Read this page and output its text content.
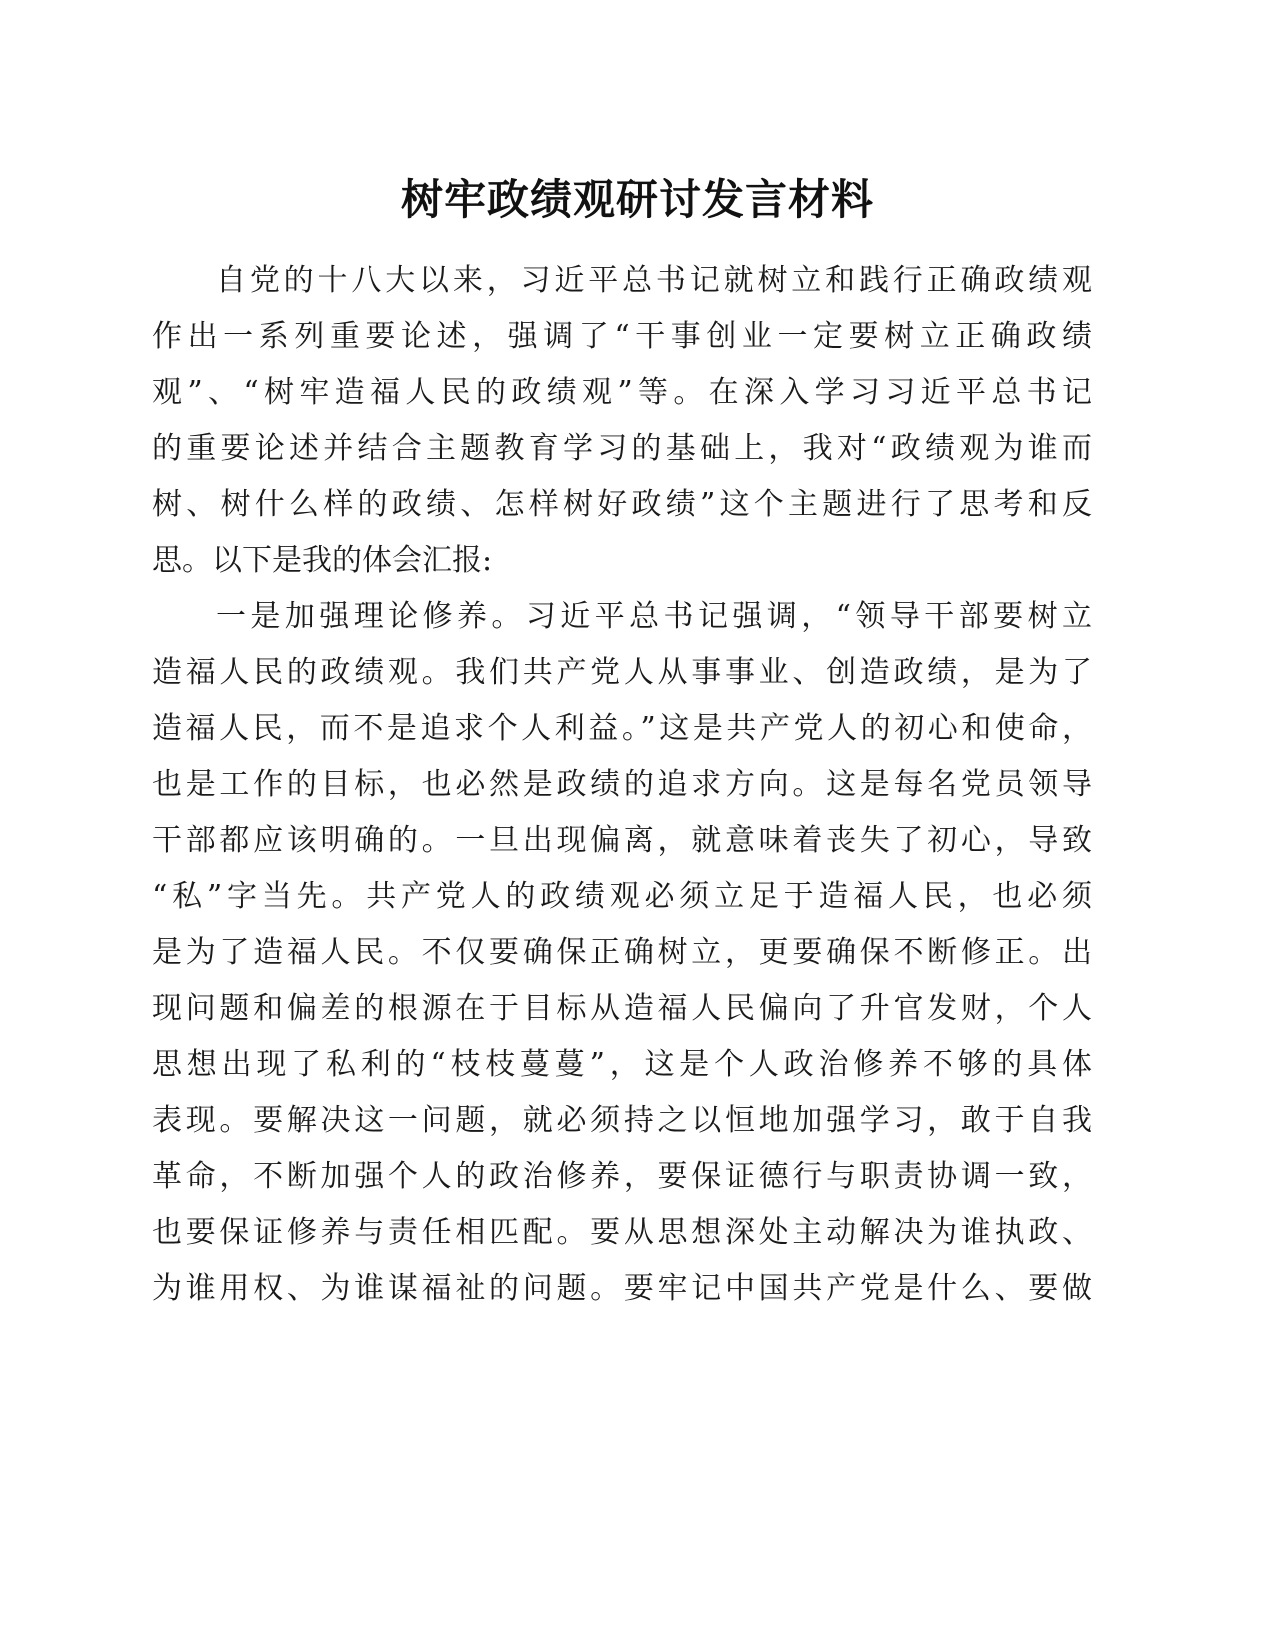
树牢政绩观研讨发言材料
自党的十八大以来，习近平总书记就树立和践行正确政绩观
作出一系列重要论述，强调了“干事创业一定要树立正确政绩
观”、“树牢造福人民的政绩观”等。在深入学习习近平总书记
的重要论述并结合主题教育学习的基础上，我对“政绩观为谁而
树、树什么样的政绩、怎样树好政绩”这个主题进行了思考和反
思。以下是我的体会汇报:
一是加强理论修养。习近平总书记强调，“领导干部要树立
造福人民的政绩观。我们共产党人从事事业、创造政绩，是为了
造福人民，而不是追求个人利益。”这是共产党人的初心和使命，
也是工作的目标，也必然是政绩的追求方向。这是每名党员领导
干部都应该明确的。一旦出现偏离，就意味着丧失了初心，导致
“私”字当先。共产党人的政绩观必须立足于造福人民，也必须
是为了造福人民。不仅要确保正确树立，更要确保不断修正。出
现问题和偏差的根源在于目标从造福人民偏向了升官发财，个人
思想出现了私利的“枝枝蔓蔓”，这是个人政治修养不够的具体
表现。要解决这一问题，就必须持之以恒地加强学习，敢于自我
革命，不断加强个人的政治修养，要保证德行与职责协调一致，
也要保证修养与责任相匹配。要从思想深处主动解决为谁执政、
为谁用权、为谁谋福祉的问题。要牢记中国共产党是什么、要做
